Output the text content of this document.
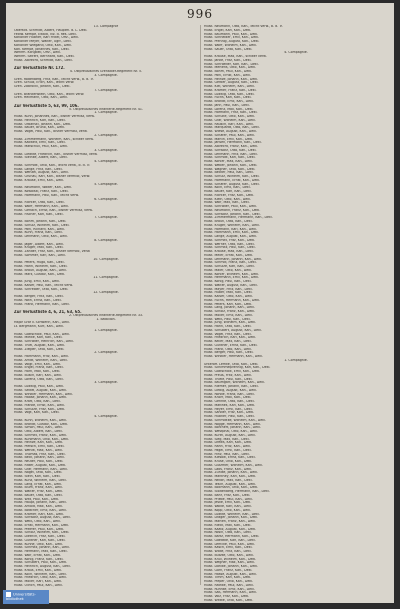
996
13. Compagnie
Oberstlt. Schmidt, Albert, Hauptm. d. L. Dekl.
Feldw. Kempe, Ewald, Viz. d. Res. Dekl.
Kanonier Hübner, Karl Fridel, Uffz., Dekl.
Kanonier Meyer, Walter, Ugfr., Dekl.
Kanonier Wiegand, Otto, Kan., Dekl.
Kan. Kempe, Johannes, Kan., Dekl.
Wehrm. Klingbeil, Uffz., Dekl.
Wehrm. Seifert, Bernhard, Kan., Dekl.
Musk. Albrecht, Schmidt, Kan., Dekl.
Zur Verlustliste Nr. 172.
4. Ostpreußisches Grenadier-Regiment Nr. 5.
3. Compagnie.
Gren. Rodenberg, Fritz, Kan., leicht verw., b. d. Tr.
Gren. Schulz, Erich, Kan., leicht verw.
Gren. Zabrocki, Johann, Kan., Dekl.
7. Compagnie.
Gren. Brandenstein, Otto, Kan., leicht verw.
Gren. Hellmann, Otto, Kan., Dekl.
Zur Verlustliste 5, 63, 99, 106.
5. Ostpreußisches Infanterie-Regiment Nr. 41.
1. Compagnie.
Musk. Kuhn, Johannes, Kan., bisher vermißt, verw.
Musk. Heinrich, Karl, Kan., Dekl.
Musk. Urbanski, Johann, Kan., Dekl.
Musk. Bauer, Bruno, Kan., Dekl.
Musk. Vogel, Paul, Kan., bisher vermißt, verw.
2. Compagnie.
Musk. Zimmermann, Wilhelm, Kan., schwer verw.
Musk. Kallweit, Emil, Kan., Dekl.
Musk. Matschull, Paul, Kan., Dekl.
3. Compagnie.
Musk. Liedtke, Friedrich, Kan., bisher vermißt, verw.
Musk. Steinke, Albert, Kan., Dekl.
4. Compagnie.
Musk. Schmidt, Otto, Kan., leicht verw., b. d. Tr.
Musk. Lange, Fritz, Kan., Dekl.
Musk. Wenzel, August, Kan., Dekl.
Musk. Grunau, Karl, Kan., bisher vermißt, verw.
Musk. Krause, Emil, Kan., Dekl.
5. Compagnie.
Musk. Neumann, Walter, Kan., Dekl.
Musk. Kowalski, Franz, Kan., Dekl.
Musk. Hoffmann, Paul, Kan., leicht verw.
6. Compagnie.
Musk. Richter, Otto, Kan., Dekl.
Musk. Wolff, Hermann, Kan., Dekl.
Musk. Gerlach, Ernst, Kan., bisher vermißt, verw.
Musk. Fischer, Karl, Kan., Dekl.
7. Compagnie.
Musk. Böhm, Johann, Kan., Dekl.
Musk. Schulz, Wilhelm, Kan., Dekl.
Musk. Pohl, Richard, Kan., Dekl.
Musk. Kühn, Franz, Kan., Dekl.
Musk. Lehmann, Otto, Kan., Dekl.
8. Compagnie.
Musk. Jäger, Albert, Kan., Dekl.
Musk. Krüger, Max, Kan., Dekl.
Musk. Zander, Fritz, Kan., bisher vermißt, verw.
Musk. Sommer, Karl, Kan., Dekl.
10. Compagnie.
Musk. Peters, Hugo, Kan., Dekl.
Musk. Hahn, Wilhelm, Kan., Dekl.
Musk. Braun, August, Kan., Dekl.
Musk. Marx, Gustav, Kan., Dekl.
11. Compagnie.
Musk. Jung, Emil, Kan., Dekl.
Musk. Kaiser, Paul, Kan., leicht verw.
Musk. Schreiber, Otto, Kan., Dekl.
12. Compagnie.
Musk. Berger, Fritz, Kan., Dekl.
Musk. Roth, Ernst, Kan., Dekl.
Musk. Frank, Hermann, Kan., Dekl.
Zur Verlustliste 4, 6, 21, 63, 65.
2. Ostpreußisches Infanterie-Regiment Nr. 33.
1. Bataillon.
Major Graf v. Schwerin, Kan., Dekl.
Lt. Bergmann, Kurt, Kan., Dekl.
1. Compagnie.
Musk. Gottschalk, Paul, Kan., Dekl.
Musk. Mielke, Karl, Kan., Dekl.
Musk. Schröder, Heinrich, Kan., Dekl.
Musk. Thiel, August, Kan., Dekl.
Musk. Ziegler, Otto, Kan., Dekl.
2. Compagnie.
Musk. Hartmann, Fritz, Kan., Dekl.
Musk. Arndt, Wilhelm, Kan., Dekl.
Musk. Voigt, Emil, Kan., Dekl.
Musk. Engel, Franz, Kan., Dekl.
Musk. Horn, Max, Kan., Dekl.
Musk. Busch, Karl, Kan., Dekl.
Musk. Lorenz, Otto, Kan., Dekl.
3. Compagnie.
Musk. Ludwig, Paul, Kan., Dekl.
Musk. Seidel, August, Kan., Dekl.
Musk. Winkler, Hermann, Kan., Dekl.
Musk. Haase, Johann, Kan., Dekl.
Musk. Kraft, Otto, Kan., Dekl.
Musk. Franke, Ernst, Kan., Dekl.
Musk. Schulze, Fritz, Kan., Dekl.
Musk. Vogt, Karl, Kan., Dekl.
4. Compagnie.
Musk. Kuhn, Wilhelm, Kan., Dekl.
Musk. Brandt, Gustav, Kan., Dekl.
Musk. Simon, Paul, Kan., Dekl.
Musk. Otto, Albert, Kan., Dekl.
Musk. Schmitt, Franz, Kan., Dekl.
Musk. Kuhlmann, Otto, Kan., Dekl.
Musk. Heinze, Karl, Kan., Dekl.
Musk. Pietsch, Emil, Kan., Dekl.
Musk. Wendt, Max, Kan., Dekl.
Musk. Thomas, Fritz, Kan., Dekl.
Musk. Beck, Johann, Kan., Dekl.
Musk. Reuter, Paul, Kan., Dekl.
Musk. Ritter, August, Kan., Dekl.
Musk. Graf, Hermann, Kan., Dekl.
Musk. Nagel, Otto, Kan., Dekl.
Musk. Stein, Karl, Kan., Dekl.
Musk. Kunz, Wilhelm, Kan., Dekl.
Musk. Lang, Ernst, Kan., Dekl.
Musk. Blum, Franz, Kan., Dekl.
Musk. Walter, Fritz, Kan., Dekl.
Musk. Bauer, Otto, Kan., Dekl.
Musk. Witt, Paul, Kan., Dekl.
Musk. Haupt, Johann, Kan., Dekl.
Musk. Arnold, Max, Kan., Dekl.
Musk. Böttcher, Emil, Kan., Dekl.
Musk. Kramer, Karl, Kan., Dekl.
Musk. Schwarz, August, Kan., Dekl.
Musk. Weiß, Otto, Kan., Dekl.
Musk. Ernst, Hermann, Kan., Dekl.
Musk. Pfeiffer, Paul, Kan., Dekl.
Musk. Scholz, Wilhelm, Kan., Dekl.
Musk. Dietrich, Fritz, Kan., Dekl.
Musk. Günther, Karl, Kan., Dekl.
Musk. Kühne, Otto, Kan., Dekl.
Musk. Schmitz, Johann, Kan., Dekl.
Musk. Hermann, Max, Kan., Dekl.
Musk. Wolf, Ernst, Kan., Dekl.
Musk. König, Franz, Kan., Dekl.
Musk. Schubert, Paul, Kan., Dekl.
Musk. Heinrich, August, Kan., Dekl.
Musk. Kraus, Emil, Kan., Dekl.
Musk. Koch, Wilhelm, Kan., Dekl.
Musk. Friedrich, Otto, Kan., Dekl.
Musk. Möller, Karl, Kan., Dekl.
Musk. Ullrich, Paul, Kan., Dekl.
Musk. Neumann, Otto, Kan., leicht verw., b. d. Tr.
Musk. Engel, Karl, Kan., Dekl.
Musk. Baumann, Paul, Kan., Dekl.
Musk. Schneider, Emil, Kan., Dekl.
Musk. Pfennig, August, Kan., Dekl.
Musk. Wolff, Wilhelm, Kan., Dekl.
Musk. Sauer, Otto, Kan., Dekl.
4. Compagnie.
Musk. Krause, Max, Kan., schwer verw.
Musk. Janke, Fritz, Kan., Dekl.
Musk. Schroeder, Karl, Kan., Dekl.
Musk. Mertens, Otto, Kan., Dekl.
Musk. Böhm, Paul, Kan., Dekl.
Musk. Pohl, Ernst, Kan., Dekl.
Musk. Heinze, Johann, Kan., Dekl.
Musk. Gerber, August, Kan., Dekl.
Musk. Kiel, Wilhelm, Kan., Dekl.
Musk. Kramer, Franz, Kan., Dekl.
Musk. Ludwig, Otto, Kan., Dekl.
Musk. Fuchs, Karl, Kan., Dekl.
Musk. Brandt, Emil, Kan., Dekl.
Musk. Jahn, Paul, Kan., Dekl.
Musk. Lorenz, Max, Kan., Dekl.
Musk. Hofmann, Fritz, Kan., Dekl.
Musk. Schulte, Otto, Kan., Dekl.
Musk. Graf, Wilhelm, Kan., Dekl.
Musk. Rausch, Karl, Kan., Dekl.
Musk. Marquardt, Otto, Kan., Dekl.
Musk. Wiese, August, Kan., Dekl.
Musk. Schäfer, Paul, Kan., Dekl.
Musk. Martin, Emil, Kan., Dekl.
Musk. Jansen, Hermann, Kan., Dekl.
Musk. Albrecht, Franz, Kan., Dekl.
Musk. Schwarz, Otto, Kan., Dekl.
Musk. Lehmann, Fritz, Kan., Dekl.
Musk. Schmidt, Karl, Kan., Dekl.
Musk. Köhler, Max, Kan., Dekl.
Musk. Weber, Johann, Kan., Dekl.
Musk. Wagner, Otto, Kan., Dekl.
Musk. Becker, Paul, Kan., Dekl.
Musk. Schulz, Wilhelm, Kan., Dekl.
Musk. Hoffmann, Ernst, Kan., Dekl.
Musk. Schäfer, August, Kan., Dekl.
Musk. Koch, Emil, Kan., Dekl.
Musk. Bauer, Karl, Kan., Dekl.
Musk. Richter, Fritz, Kan., Dekl.
Musk. Klein, Otto, Kan., Dekl.
Musk. Wolf, Max, Kan., Dekl.
Musk. Schröder, Paul, Kan., Dekl.
Musk. Neumann, Franz, Kan., Dekl.
Musk. Schwarz, Johann, Kan., Dekl.
Musk. Zimmermann, Hermann, Kan., Dekl.
Musk. Braun, Otto, Kan., Dekl.
Musk. Krüger, Wilhelm, Kan., Dekl.
Musk. Hofmann, Karl, Kan., Dekl.
Musk. Hartmann, Emil, Kan., Dekl.
Musk. Lange, August, Kan., Dekl.
Musk. Schmitt, Fritz, Kan., Dekl.
Musk. Werner, Otto, Kan., Dekl.
Musk. Schmitz, Paul, Kan., Dekl.
Musk. Krause, Max, Kan., Dekl.
Musk. Meier, Ernst, Kan., Dekl.
Musk. Lehmann, Johann, Kan., Dekl.
Musk. Schmid, Franz, Kan., Dekl.
Musk. Schulze, Karl, Kan., Dekl.
Musk. Maier, Otto, Kan., Dekl.
Musk. Köhler, Wilhelm, Kan., Dekl.
Musk. Herrmann, Emil, Kan., Dekl.
Musk. König, Paul, Kan., Dekl.
Musk. Walter, August, Kan., Dekl.
Musk. Mayer, Fritz, Kan., Dekl.
Musk. Huber, Max, Kan., Dekl.
Musk. Kaiser, Otto, Kan., Dekl.
Musk. Fuchs, Hermann, Kan., Dekl.
Musk. Peters, Karl, Kan., Dekl.
Musk. Lang, Johann, Kan., Dekl.
Musk. Scholz, Franz, Kan., Dekl.
Musk. Möller, Emil, Kan., Dekl.
Musk. Weiß, Paul, Kan., Dekl.
Musk. Jung, Wilhelm, Kan., Dekl.
Musk. Hahn, Otto, Kan., Dekl.
Musk. Schubert, August, Kan., Dekl.
Musk. Vogel, Fritz, Kan., Dekl.
Musk. Friedrich, Karl, Kan., Dekl.
Musk. Keller, Max, Kan., Dekl.
Musk. Günther, Ernst, Kan., Dekl.
Musk. Frank, Otto, Kan., Dekl.
Musk. Berger, Paul, Kan., Dekl.
Musk. Winkler, Hermann, Kan., Dekl.
1. Compagnie.
Unteroff. Lemke, Otto, Kan., Dekl.
Musk. Schimmelpfennig, Karl, Kan., Dekl.
Musk. Gottschalk, Emil, Kan., Dekl.
Musk. Preuß, Fritz, Kan., Dekl.
Musk. Thiele, Paul, Kan., Dekl.
Musk. Baumgart, Wilhelm, Kan., Dekl.
Musk. Riemer, Johann, Kan., Dekl.
Musk. Liebig, August, Kan., Dekl.
Musk. Rohde, Franz, Kan., Dekl.
Musk. Knorr, Max, Kan., Dekl.
Musk. Gehrke, Otto, Kan., Dekl.
Musk. Matthes, Karl, Kan., Dekl.
Musk. Heyer, Emil, Kan., Dekl.
Musk. Sander, Fritz, Kan., Dekl.
Musk. Hübner, Paul, Kan., Dekl.
Musk. Schmidtke, Wilhelm, Kan., Dekl.
Musk. Rogge, Hermann, Kan., Dekl.
Musk. Borchert, Johann, Kan., Dekl.
Musk. Westphal, Otto, Kan., Dekl.
Musk. Kurth, August, Kan., Dekl.
Musk. Sieg, Max, Kan., Dekl.
Musk. Drews, Karl, Kan., Dekl.
Musk. Rahn, Fritz, Kan., Dekl.
Musk. Pagel, Emil, Kan., Dekl.
Musk. Hinz, Paul, Kan., Dekl.
Musk. Kiesow, Ernst, Kan., Dekl.
Musk. Kruse, Otto, Kan., Dekl.
Musk. Gutzmer, Wilhelm, Kan., Dekl.
Musk. Labs, Franz, Kan., Dekl.
Musk. Zühlke, Johann, Kan., Dekl.
Musk. Manthey, Karl, Kan., Dekl.
Musk. Redlin, Max, Kan., Dekl.
Musk. Tesch, August, Kan., Dekl.
Musk. Bollmann, Otto, Kan., Dekl.
Musk. Stoltenberg, Hermann, Kan., Dekl.
Musk. Bahr, Fritz, Kan., Dekl.
Musk. Priebe, Paul, Kan., Dekl.
Musk. Jeske, Emil, Kan., Dekl.
Musk. Woike, Karl, Kan., Dekl.
Musk. Kopp, Otto, Kan., Dekl.
Musk. Lüdtke, Wilhelm, Kan., Dekl.
Musk. Dräger, Johann, Kan., Dekl.
Musk. Marten, Franz, Kan., Dekl.
Musk. Rieck, Max, Kan., Dekl.
Musk. Kaatz, August, Kan., Dekl.
Musk. Rosin, Otto, Kan., Dekl.
Musk. Bartz, Hermann, Kan., Dekl.
Musk. Gaedtke, Karl, Kan., Dekl.
Musk. Lemcke, Paul, Kan., Dekl.
Musk. Kasch, Emil, Kan., Dekl.
Musk. Wilde, Fritz, Kan., Dekl.
Musk. Butzke, Otto, Kan., Dekl.
Musk. Krull, Wilhelm, Kan., Dekl.
Musk. Wegner, Max, Kan., Dekl.
Musk. Dahlke, Johann, Kan., Dekl.
Musk. Gorn, Franz, Kan., Dekl.
Musk. Hasse, August, Kan., Dekl.
Musk. Timm, Karl, Kan., Dekl.
Musk. Pieper, Otto, Kan., Dekl.
Musk. Rathke, Paul, Kan., Dekl.
Musk. Ruhnke, Emil, Kan., Dekl.
Musk. Saß, Hermann, Kan., Dekl.
Musk. Völz, Fritz, Kan., Dekl.
Musk. Wittke, Otto, Kan., Dekl.
Universitäts-
bibliothek
